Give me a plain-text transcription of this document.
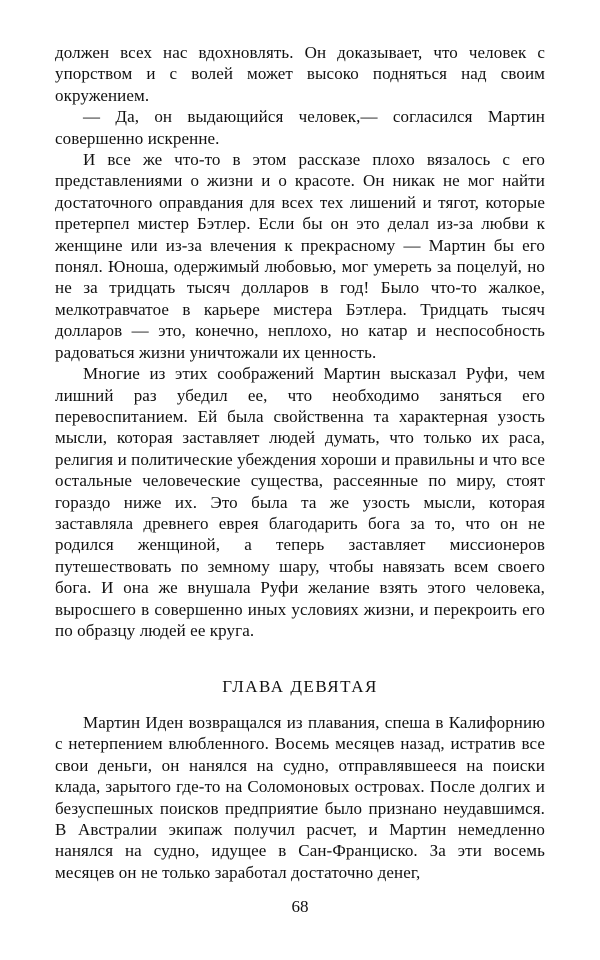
должен всех нас вдохновлять. Он доказывает, что человек с упорством и с волей может высоко подняться над своим окружением.

— Да, он выдающийся человек,— согласился Мартин совершенно искренне.

И все же что-то в этом рассказе плохо вязалось с его представлениями о жизни и о красоте. Он никак не мог найти достаточного оправдания для всех тех лишений и тягот, которые претерпел мистер Бэтлер. Если бы он это делал из-за любви к женщине или из-за влечения к прекрасному — Мартин бы его понял. Юноша, одержимый любовью, мог умереть за поцелуй, но не за тридцать тысяч долларов в год! Было что-то жалкое, мелкотравчатое в карьере мистера Бэтлера. Тридцать тысяч долларов — это, конечно, неплохо, но катар и неспособность радоваться жизни уничтожали их ценность.

Многие из этих соображений Мартин высказал Руфи, чем лишний раз убедил ее, что необходимо заняться его перевоспитанием. Ей была свойственна та характерная узость мысли, которая заставляет людей думать, что только их раса, религия и политические убеждения хороши и правильны и что все остальные человеческие существа, рассеянные по миру, стоят гораздо ниже их. Это была та же узость мысли, которая заставляла древнего еврея благодарить бога за то, что он не родился женщиной, а теперь заставляет миссионеров путешествовать по земному шару, чтобы навязать всем своего бога. И она же внушала Руфи желание взять этого человека, выросшего в совершенно иных условиях жизни, и перекроить его по образцу людей ее круга.

ГЛАВА ДЕВЯТАЯ

Мартин Иден возвращался из плавания, спеша в Калифорнию с нетерпением влюбленного. Восемь месяцев назад, истратив все свои деньги, он нанялся на судно, отправлявшееся на поиски клада, зарытого где-то на Соломоновых островах. После долгих и безуспешных поисков предприятие было признано неудавшимся. В Австралии экипаж получил расчет, и Мартин немедленно нанялся на судно, идущее в Сан-Франциско. За эти восемь месяцев он не только заработал достаточно денег,

68
